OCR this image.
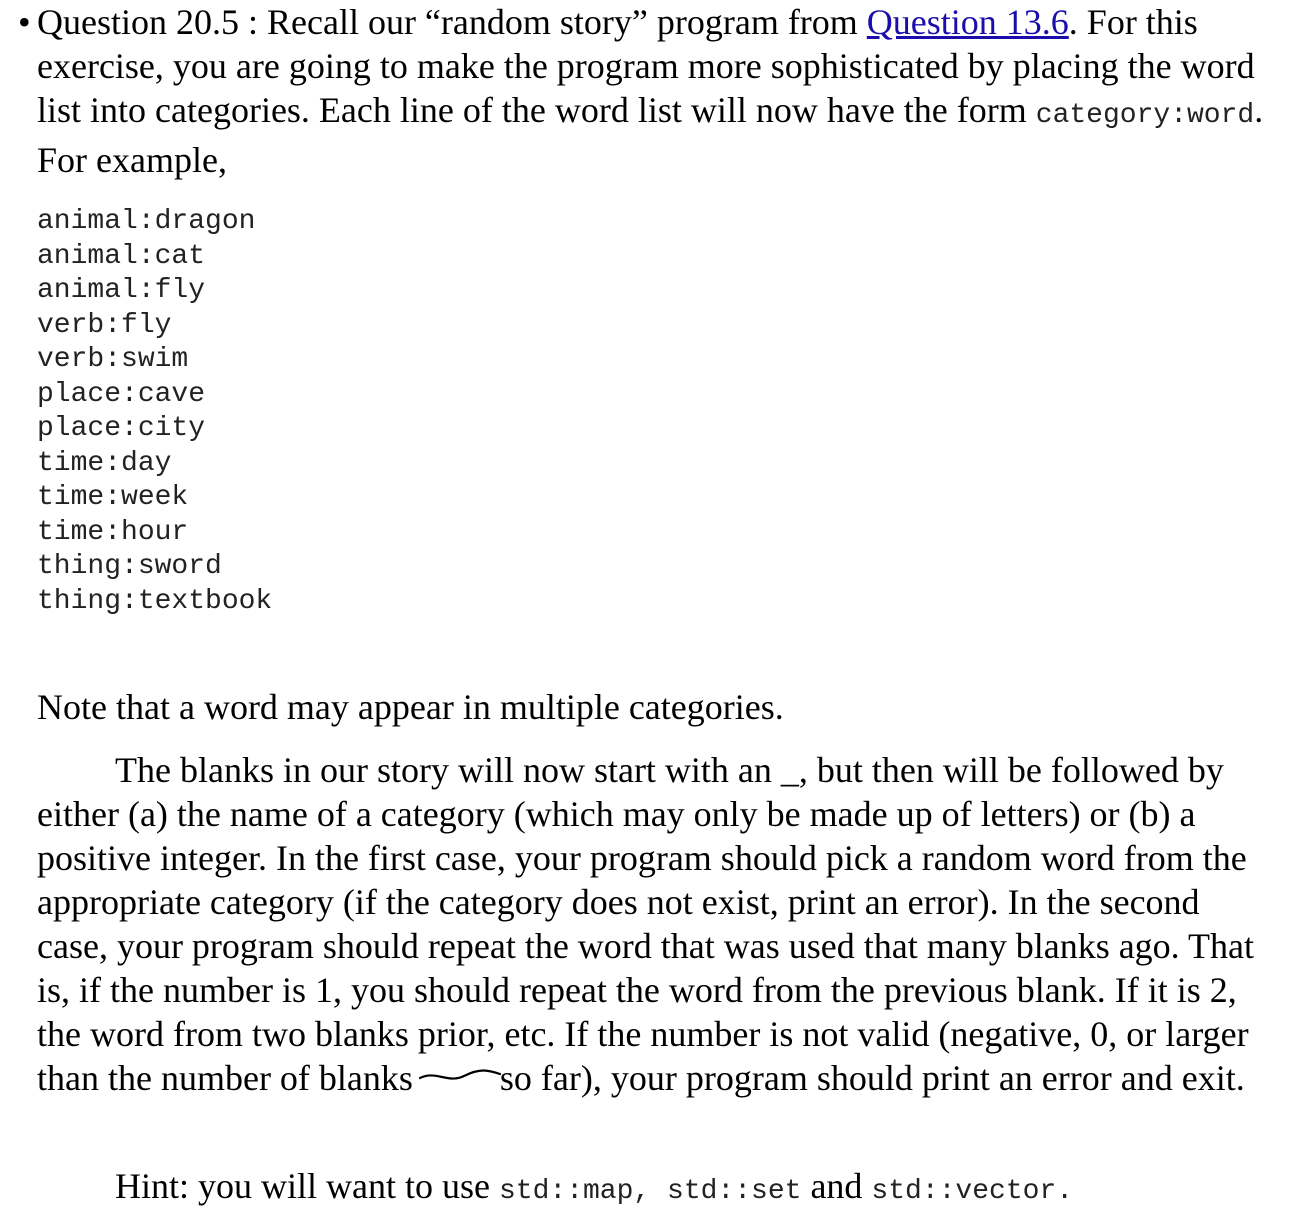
• Question 20.5 : Recall our “random story” program from Question 13.6. For this exercise, you are going to make the program more sophisticated by placing the word list into categories. Each line of the word list will now have the form category:word. For example,

animal:dragon
animal:cat
animal:fly
verb:fly
verb:swim
place:cave
place:city
time:day
time:week
time:hour
thing:sword
thing:textbook

Note that a word may appear in multiple categories.

The blanks in our story will now start with an _, but then will be followed by either (a) the name of a category (which may only be made up of letters) or (b) a positive integer. In the first case, your program should pick a random word from the appropriate category (if the category does not exist, print an error). In the second case, your program should repeat the word that was used that many blanks ago. That is, if the number is 1, you should repeat the word from the previous blank. If it is 2, the word from two blanks prior, etc. If the number is not valid (negative, 0, or larger than the number of blanks so far
), your program should print an error and exit.

Hint: you will want to use std::map, std::set and std::vector.
